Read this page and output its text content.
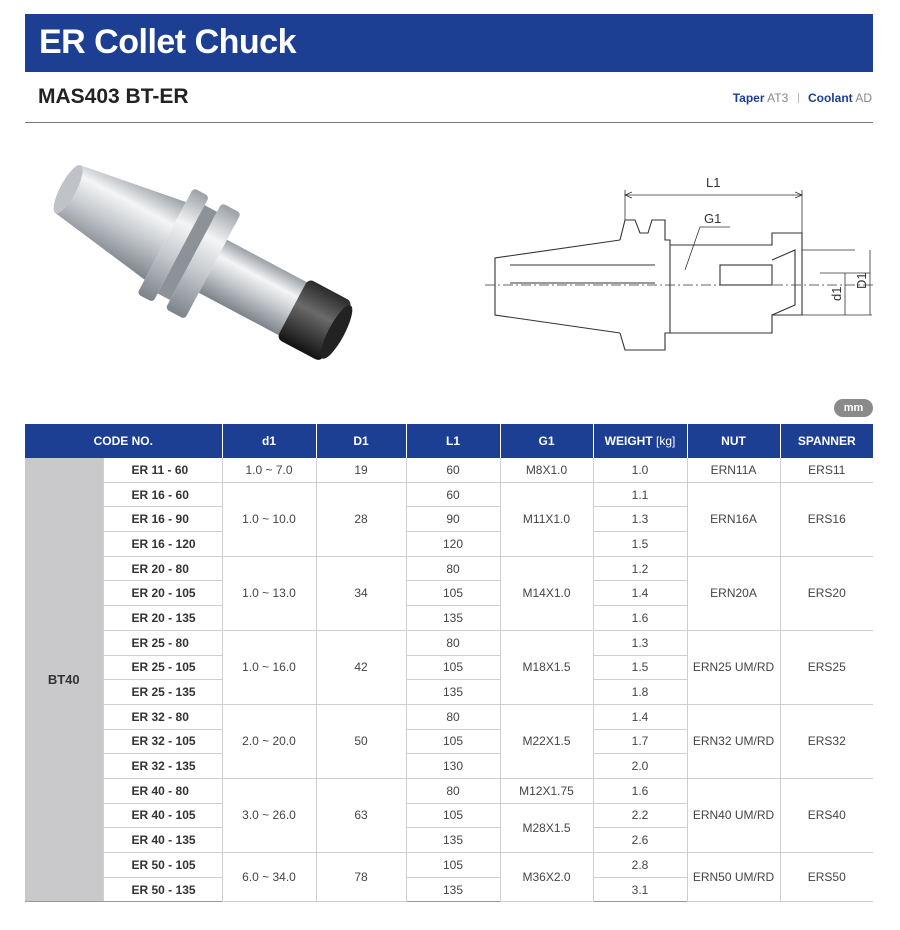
ER Collet Chuck
MAS403 BT-ER	Taper AT3 Coolant AD
L1
G1
d1
D1
mm
CODE NO.		d1	D1	L1	G1	WEIGHT [kg]	NUT	SPANNER
BT40	ER 11 - 60	1.0 ~ 7.0	19	60	M8X1.0	1.0	ERN11A	ERS11
	ER 16 - 60	1.0 ~ 10.0	28	60	M11X1.0	1.1	ERN16A	ERS16
	ER 16 - 90			90		1.3		
	ER 16 - 120			120		1.5		
	ER 20 - 80	1.0 ~ 13.0	34	80	M14X1.0	1.2	ERN20A	ERS20
	ER 20 - 105			105		1.4		
	ER 20 - 135			135		1.6		
	ER 25 - 80	1.0 ~ 16.0	42	80	M18X1.5	1.3	ERN25 UM/RD	ERS25
	ER 25 - 105			105		1.5		
	ER 25 - 135			135		1.8		
	ER 32 - 80	2.0 ~ 20.0	50	80	M22X1.5	1.4	ERN32 UM/RD	ERS32
	ER 32 - 105			105		1.7		
	ER 32 - 135			130		2.0		
	ER 40 - 80	3.0 ~ 26.0	63	80	M12X1.75	1.6	ERN40 UM/RD	ERS40
	ER 40 - 105			105	M28X1.5	2.2		
	ER 40 - 135			135		2.6		
	ER 50 - 105	6.0 ~ 34.0	78	105	M36X2.0	2.8	ERN50 UM/RD	ERS50
	ER 50 - 135			135		3.1		
